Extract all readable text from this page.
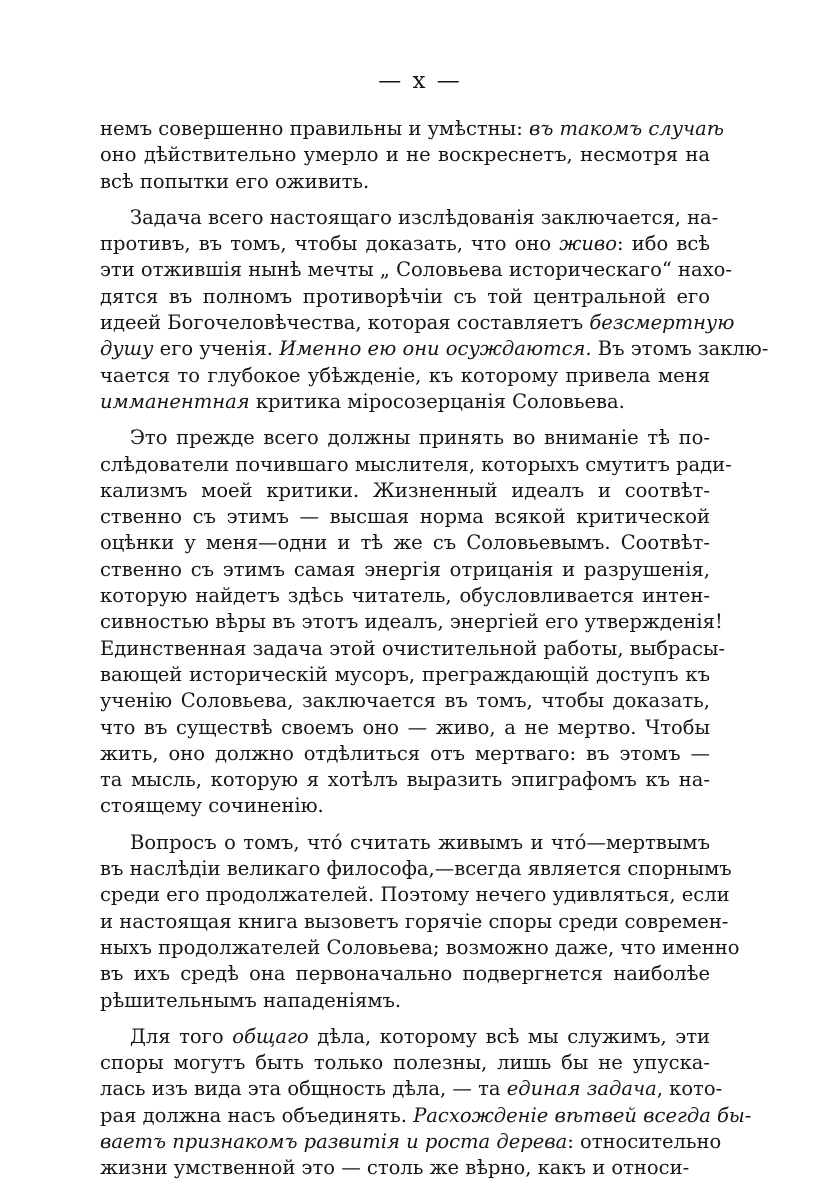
— x —
немъ совершенно правильны и умѣстны: въ такомъ случаѣ
оно дѣйствительно умерло и не воскреснетъ, несмотря на
всѣ попытки его оживить.
Задача всего настоящаго изслѣдованія заключается, на-
противъ, въ томъ, чтобы доказать, что оно живо: ибо всѣ
эти отжившія нынѣ мечты „ Соловьева историческаго“ нахо-
дятся въ полномъ противорѣчіи съ той центральной его
идеей Богочеловѣчества, которая составляетъ безсмертную
душу его ученія. Именно ею они осуждаются. Въ этомъ заклю-
чается то глубокое убѣжденіе, къ которому привела меня
имманентная критика міросозерцанія Соловьева.
Это прежде всего должны принять во вниманіе тѣ по-
слѣдователи почившаго мыслителя, которыхъ смутитъ ради-
кализмъ моей критики. Жизненный идеалъ и соотвѣт-
ственно съ этимъ — высшая норма всякой критической
оцѣнки у меня—одни и тѣ же съ Соловьевымъ. Соотвѣт-
ственно съ этимъ самая энергія отрицанія и разрушенія,
которую найдетъ здѣсь читатель, обусловливается интен-
сивностью вѣры въ этотъ идеалъ, энергіей его утвержденія!
Единственная задача этой очистительной работы, выбрасы-
вающей историческій мусоръ, преграждающій доступъ къ
ученію Соловьева, заключается въ томъ, чтобы доказать,
что въ существѣ своемъ оно — живо, а не мертво. Чтобы
жить, оно должно отдѣлиться отъ мертваго: въ этомъ —
та мысль, которую я хотѣлъ выразить эпиграфомъ къ на-
стоящему сочиненію.
Вопросъ о томъ, что́ считать живымъ и что́—мертвымъ
въ наслѣдіи великаго философа,—всегда является спорнымъ
среди его продолжателей. Поэтому нечего удивляться, если
и настоящая книга вызоветъ горячіе споры среди современ-
ныхъ продолжателей Соловьева; возможно даже, что именно
въ ихъ средѣ она первоначально подвергнется наиболѣе
рѣшительнымъ нападеніямъ.
Для того общаго дѣла, которому всѣ мы служимъ, эти
споры могутъ быть только полезны, лишь бы не упуска-
лась изъ вида эта общность дѣла, — та единая задача, кото-
рая должна насъ объединять. Расхожденіе вѣтвей всегда бы-
ваетъ признакомъ развитія и роста дерева: относительно
жизни умственной это — столь же вѣрно, какъ и относи-
